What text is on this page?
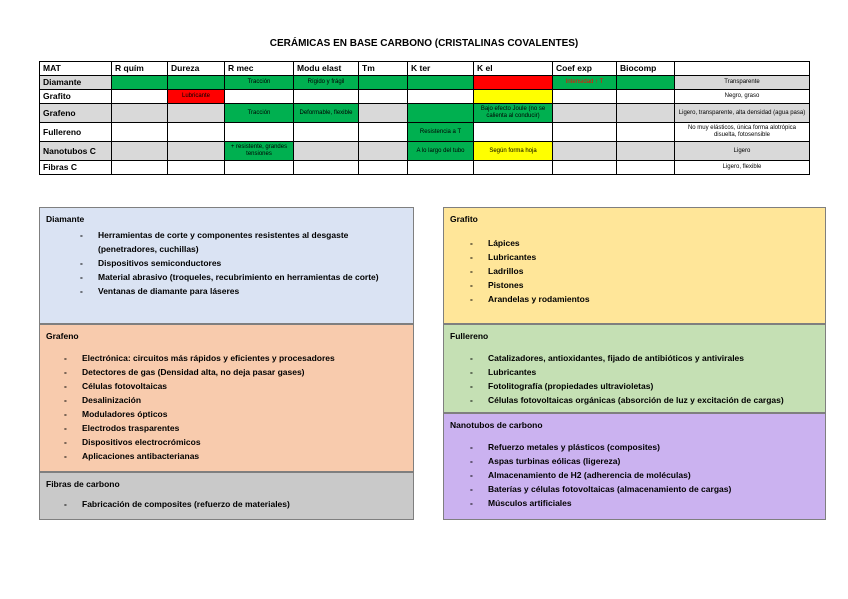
CERÁMICAS EN BASE CARBONO (CRISTALINAS COVALENTES)
MAT	R quím	Dureza	R mec	Modu elast	Tm	K ter	K el	Coef exp	Biocomp	
Diamante			Tracción	Rígido y frágil				Intensidad ↑ T		Transparente
Grafito		Lubricante								Negro, graso
Grafeno			Tracción	Deformable, flexible			Bajo efecto Joule (no se calienta al conducir)			Ligero, transparente, alta densidad (agua pasa)
Fullereno						Resistencia a T				No muy elásticos, única forma alotrópica disuelta, fotosensible
Nanotubos C			+ resistente, grandes tensiones			A lo largo del tubo	Según forma hoja			Ligero
Fibras C										Ligero, flexible
Diamante
- Herramientas de corte y componentes resistentes al desgaste (penetradores, cuchillas)
- Dispositivos semiconductores
- Material abrasivo (troqueles, recubrimiento en herramientas de corte)
- Ventanas de diamante para láseres
Grafeno
- Electrónica: circuitos más rápidos y eficientes y procesadores
- Detectores de gas (Densidad alta, no deja pasar gases)
- Células fotovoltaicas
- Desalinización
- Moduladores ópticos
- Electrodos trasparentes
- Dispositivos electrocrómicos
- Aplicaciones antibacterianas
Fibras de carbono
- Fabricación de composites (refuerzo de materiales)
Grafito
- Lápices
- Lubricantes
- Ladrillos
- Pistones
- Arandelas y rodamientos
Fullereno
- Catalizadores, antioxidantes, fijado de antibióticos y antivirales
- Lubricantes
- Fotolitografía (propiedades ultravioletas)
- Células fotovoltaicas orgánicas (absorción de luz y excitación de cargas)
Nanotubos de carbono
- Refuerzo metales y plásticos (composites)
- Aspas turbinas eólicas (ligereza)
- Almacenamiento de H2 (adherencia de moléculas)
- Baterías y células fotovoltaicas (almacenamiento de cargas)
- Músculos artificiales
